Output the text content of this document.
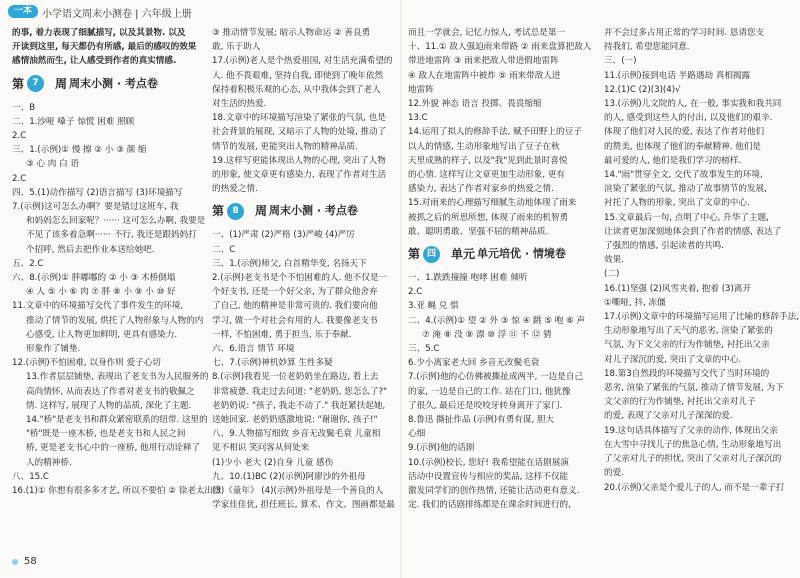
一本	小学语文周末小测卷 | 六年级上册

的事, 着力表现了细腻描写, 以及其景物. 以及

开读到这里, 每天都仍有所感, 最后的感叹的效果

感情油然而生, 让人感受到作者的真实情感.

第 7	周 周末小测 · 考点卷

一、B

二、1.沙哑 嗓子 惊慌 困难 照顾

2.C

三、1.(示例)① 慢 擦 ② 小 ③ 颜 缩

③ 心 肉 白 语

2.C

四、5.(1)动作描写 (2)语言描写 (3)环境描写

7.(示例)这可怎么办啊？要是错过这班车, 我

和妈妈怎么回家呢？······ 这可怎么办啊, 我要是

不见了该多着急啊······ 不行, 我还是跟妈妈打

个招呼, 然后去把作业本送给她吧.

五、2.C

六、8.(示例)① 胖嘟嘟的 ② 小 ③ 木桥倒塌

④ 人 ⑤ 小 ⑥ 肉 ⑦ 胖 ⑧ 小 ⑨ 小 ⑩ 好

11.文章中的环境描写交代了事件发生的环境,

推动了情节的发展, 烘托了人物形象与人物的内

心感受, 让人物更加鲜明, 更具有感染力.

形象作了铺垫.

12.(示例)不怕困难, 以身作则 爱子心切

13.作者层层铺垫, 表现出了老支书为人民服务的

高尚情怀, 从而表达了作者对老支书的敬佩之

情. 这样写, 展现了人物的品质, 深化了主题.

14."桥"是老支书和群众紧密联系的纽带. 这里的

"桥"既是一座木桥, 也是老支书和人民之间

桥, 更是老支书心中的一座桥, 他用行动诠释了

人的精神桥.

八、15.C

16.(1)① 你想有很多多才艺, 所以不要怕 ② 徐老太出世

③ 推动情节发展; 暗示人物命运 ② 善良勇

敢, 乐于助人

17.(示例)老人是个热爱祖国, 对生活充满希望的

人. 他不畏艰难, 坚持自我, 即使到了晚年依然

保持着积极乐观的心态, 从中我体会到了老人

对生活的热爱.

18.文章中的环境描写渲染了紧张的气氛, 也是

社会背景的展现, 又暗示了人物的处境, 推动了

情节的发展, 更能突出人物的精神品质.

19.这样写更能体现出人物的心理, 突出了人物

的形象, 使文章更有感染力, 表现了作者对生活

的热爱之情.

第 8	周 周末小测 · 考点卷

一、(1)严肃 (2)严格 (3)严峻 (4)严厉

二、C

三、1.(示例)师父, 白首精华变, 名扬天下

2.(示例)老支书是个不怕困难的人. 他不仅是一

个好支书, 还是一个好父亲, 为了群众他舍弃

了自己, 他的精神是非常可贵的. 我们要向他

学习, 做一个对社会有用的人. 我要像老支书

一样, 不怕困难, 勇于担当, 乐于奉献.

六、6.语言 情节 环境

七、7.(示例)神机妙算 生性多疑

8.(示例)我看见一位老奶奶坐在路边, 看上去

非常疲惫. 我走过去问道: "老奶奶, 您怎么了?"

老奶奶说: "孩子, 我走不动了." 我赶紧扶起她,

送她回家. 老奶奶感激地说: "谢谢你, 孩子!"

八、9.人物描写细致 乡音无改鬓毛衰 儿童相

见不相识 笑问客从何处来

(1)少小 老大 (2)自身 儿童 感伤

九、10.(1)BC (2)(示例)阿廖沙的外祖母

(3)《童年》 (4)(示例)外祖母是一个善良的人

学家佳佳优, 担任班长, 算术、作文、图画都是最

而且一学就会, 记忆力惊人, 考试总是第一

十、11.① 敌人强迫雨来带路 ② 雨来盘算把敌人

带进地雷阵 ③ 雨来把敌人带进假地雷阵

④ 敌人在地雷阵中被炸 ⑤ 雨来带敌人进

地雷阵

12.外貌 神态 语言 投掷、畏畏缩缩

13.C

14.运用了拟人的修辞手法, 赋予田野上的豆子

以人的情感, 生动形象地写出了豆子在秋

天里成熟的样子, 以及"我"见到此景时喜悦

的心情. 这样写让文章更加生动形象, 更有

感染力, 表达了作者对家乡的热爱之情.

15.对雨来的心理描写细腻生动地体现了雨来

被抓之后的所思所想, 体现了雨来的机智勇

敢、聪明勇敢、坚强不屈的精神品质.

第 四	单元 单元培优 · 情境卷

一、1.跌跌撞撞 咆哮 困难 倾听

2.C

3.亚 蝇 兑 惧

二、4.(示例)① 望 ② 外 ③ 惊 ④ 跳 ⑤ 咆 ⑥ 声

⑦ 淹 ⑧ 没 ⑨ 漂 ⑩ 浮 ⑪ 不 ⑫ 猜

三、5.C

6.少小离家老大回 乡音无改鬓毛衰

7.(示例)他的心仿佛被撕扯成两半, 一边是自己

的家, 一边是自己的工作. 站在门口, 他犹豫

了很久, 最后还是咬咬牙转身离开了家门.

8.鲁迅 撕扯作品 (示例)有勇有谋, 胆大

心细

9.(示例)他的话剧

10.(示例)校长, 您好! 我希望能在话剧展演

活动中设置宣传与相应的奖品, 这样不仅能

激发同学们的创作热情, 还能让活动更有意义.

定. 我们的话剧排练都是在课余时间进行的,

并不会过多占用正常的学习时间. 恳请您支

持我们, 希望您能同意.

三、(一)

11.(示例)接到电话 半路遇劫 真相揭露

12.(1)C (2)(3)(4)√

13.(示例)儿文院的人, 在一般, 事实我和我共同

的人, 感受到这些人的付出, 以及他们的艰辛.

体现了他们对人民的爱, 表达了作者对他们

的赞美, 也体现了他们的奉献精神. 他们是

最可爱的人, 他们是我们学习的榜样.

14."雨"贯穿全文, 交代了故事发生的环境,

渲染了紧张的气氛, 推动了故事情节的发展,

衬托了人物的形象, 突出了文章的中心.

15.文章最后一句, 点明了中心, 升华了主题,

让读者更加深刻地体会到了作者的情感, 表达了

了强烈的情感, 引起读者的共鸣.

效果.

(二)

16.(1)坚强 (2)风雪夹着, 抱着 (3)离开

①嘶哑, 抖, 冻僵

17.(示例)文章中的环境描写运用了比喻的修辞手法,

生动形象地写出了天气的恶劣, 渲染了紧张的

气氛, 为下文父亲的行为作铺垫, 衬托出父亲

对儿子深沉的爱, 突出了文章的中心.

18.第3自然段的环境描写交代了当时环境的

恶劣, 渲染了紧张的气氛, 推动了情节发展, 为下

文父亲的行为作铺垫, 衬托出父亲对儿子

的爱, 表现了父亲对儿子深深的爱.

19.这句话具体描写了父亲的动作, 体现出父亲

在大雪中寻找儿子的焦急心情, 生动形象地写出

了父亲对儿子的担忧, 突出了父亲对儿子深沉的

的爱.

20.(示例)父亲是个爱儿子的人, 而不是一辈子打

58
